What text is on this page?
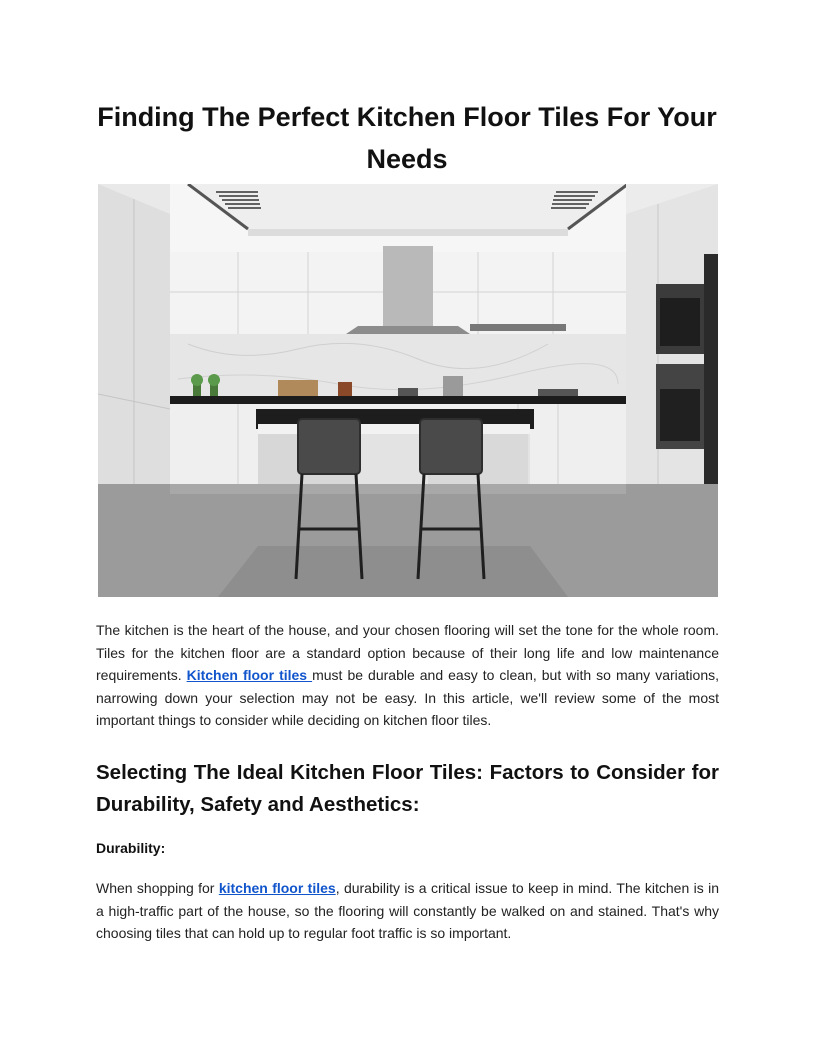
Finding The Perfect Kitchen Floor Tiles For Your Needs
The kitchen is the heart of the house, and your chosen flooring will set the tone for the whole room. Tiles for the kitchen floor are a standard option because of their long life and low maintenance requirements. Kitchen floor tiles must be durable and easy to clean, but with so many variations, narrowing down your selection may not be easy. In this article, we'll review some of the most important things to consider while deciding on kitchen floor tiles.
Selecting The Ideal Kitchen Floor Tiles: Factors to Consider for Durability, Safety and Aesthetics:
Durability:
When shopping for kitchen floor tiles, durability is a critical issue to keep in mind. The kitchen is in a high-traffic part of the house, so the flooring will constantly be walked on and stained. That's why choosing tiles that can hold up to regular foot traffic is so important.
